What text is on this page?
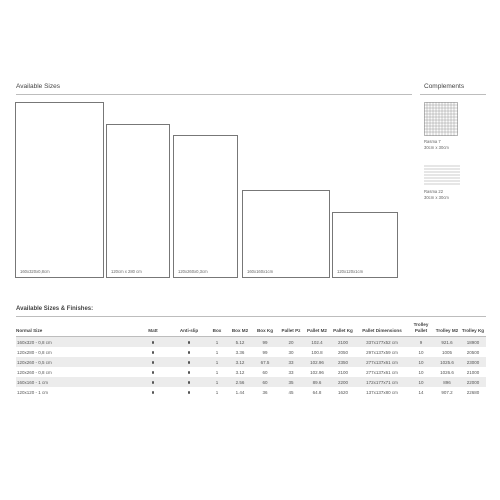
Available Sizes	Complements
160x320x0,8cm	120cm x 280 cm	120x260x0,3cm	160x160x1cm	120x120x1cm
Rasma 7
30cm x 30cm
Rasma 22
30cm x 30cm
Available Sizes & Finishes:
Normal Size	Matt	Anti-slip	Box	Box M2	Box Kg	Pallet Pz	Pallet M2	Pallet Kg	Pallet Dimensions	Trolley Pallet	Trolley M2	Trolley Kg
160x320 - 0,8 cm			1	5.12	99	20	102.4	2100	337x177x52 cm	9	921.6	18900
120x280 - 0,8 cm			1	3.36	99	30	100.8	2050	297x137x59 cm	10	1005	20500
120x260 - 0,5 cm			1	3.12	67.5	33	102.96	2350	277x137x61 cm	10	1025.6	23000
120x260 - 0,8 cm			1	3.12	60	33	102.96	2100	277x137x61 cm	10	1026.6	21000
160x160 - 1 cm			1	2.56	60	35	89.6	2200	172x177x71 cm	10	896	22000
120x120 - 1 cm			1	1.44	36	45	64.8	1620	137x137x80 cm	14	907.2	22680
